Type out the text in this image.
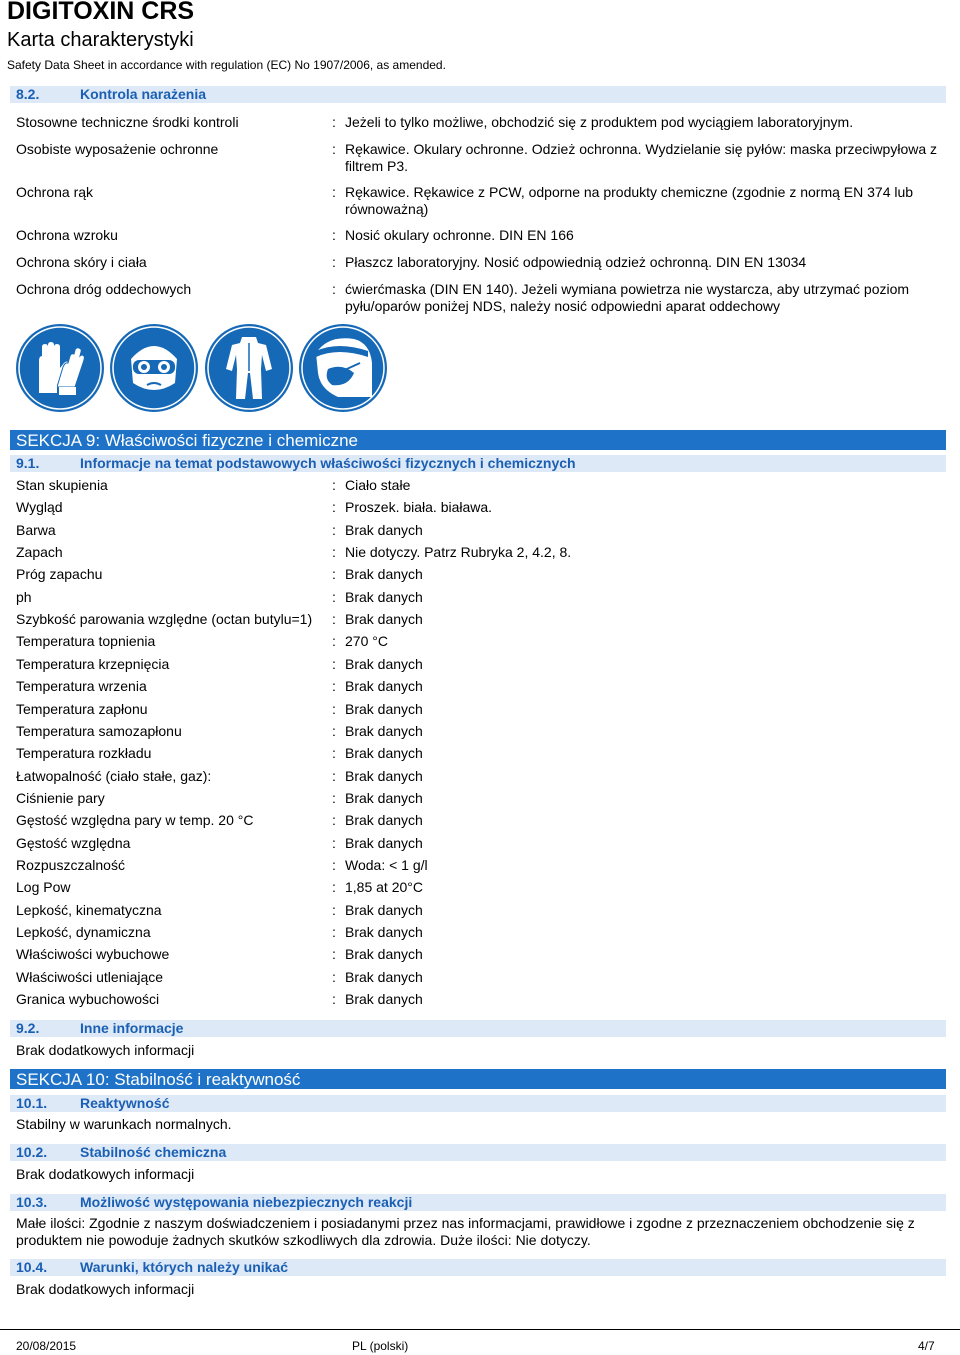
DIGITOXIN CRS
Karta charakterystyki
Safety Data Sheet in accordance with regulation (EC) No 1907/2006, as amended.
8.2.	Kontrola narażenia
Stosowne techniczne środki kontroli	: Jeżeli to tylko możliwe, obchodzić się z produktem pod wyciągiem laboratoryjnym.
Osobiste wyposażenie ochronne	: Rękawice. Okulary ochronne. Odzież ochronna. Wydzielanie się pyłów: maska przeciwpyłowa z filtrem P3.
Ochrona rąk	: Rękawice. Rękawice z PCW, odporne na produkty chemiczne (zgodnie z normą EN 374 lub równoważną)
Ochrona wzroku	: Nosić okulary ochronne. DIN EN 166
Ochrona skóry i ciała	: Płaszcz laboratoryjny. Nosić odpowiednią odzież ochronną. DIN EN 13034
Ochrona dróg oddechowych	: ćwierćmaska (DIN EN 140). Jeżeli wymiana powietrza nie wystarcza, aby utrzymać poziom pyłu/oparów poniżej NDS, należy nosić odpowiedni aparat oddechowy
SEKCJA 9: Właściwości fizyczne i chemiczne
9.1.	Informacje na temat podstawowych właściwości fizycznych i chemicznych
Stan skupienia	: Ciało stałe
Wygląd	: Proszek. biała. biaława.
Barwa	: Brak danych
Zapach	: Nie dotyczy. Patrz Rubryka 2, 4.2, 8.
Próg zapachu	: Brak danych
ph	: Brak danych
Szybkość parowania względne (octan butylu=1) : Brak danych
Temperatura topnienia	: 270 °C
Temperatura krzepnięcia	: Brak danych
Temperatura wrzenia	: Brak danych
Temperatura zapłonu	: Brak danych
Temperatura samozapłonu	: Brak danych
Temperatura rozkładu	: Brak danych
Łatwopalność (ciało stałe, gaz):	: Brak danych
Ciśnienie pary	: Brak danych
Gęstość względna pary w temp. 20 °C	: Brak danych
Gęstość względna	: Brak danych
Rozpuszczalność	: Woda: < 1 g/l
Log Pow	: 1,85 at 20°C
Lepkość, kinematyczna	: Brak danych
Lepkość, dynamiczna	: Brak danych
Właściwości wybuchowe	: Brak danych
Właściwości utleniające	: Brak danych
Granica wybuchowości	: Brak danych
9.2.	Inne informacje
Brak dodatkowych informacji
SEKCJA 10: Stabilność i reaktywność
10.1. Reaktywność
Stabilny w warunkach normalnych.
10.2. Stabilność chemiczna
Brak dodatkowych informacji
10.3. Możliwość występowania niebezpiecznych reakcji
Małe ilości: Zgodnie z naszym doświadczeniem i posiadanymi przez nas informacjami, prawidłowe i zgodne z przeznaczeniem obchodzenie się z produktem nie powoduje żadnych skutków szkodliwych dla zdrowia. Duże ilości: Nie dotyczy.
10.4. Warunki, których należy unikać
Brak dodatkowych informacji
20/08/2015	PL (polski)	4/7
